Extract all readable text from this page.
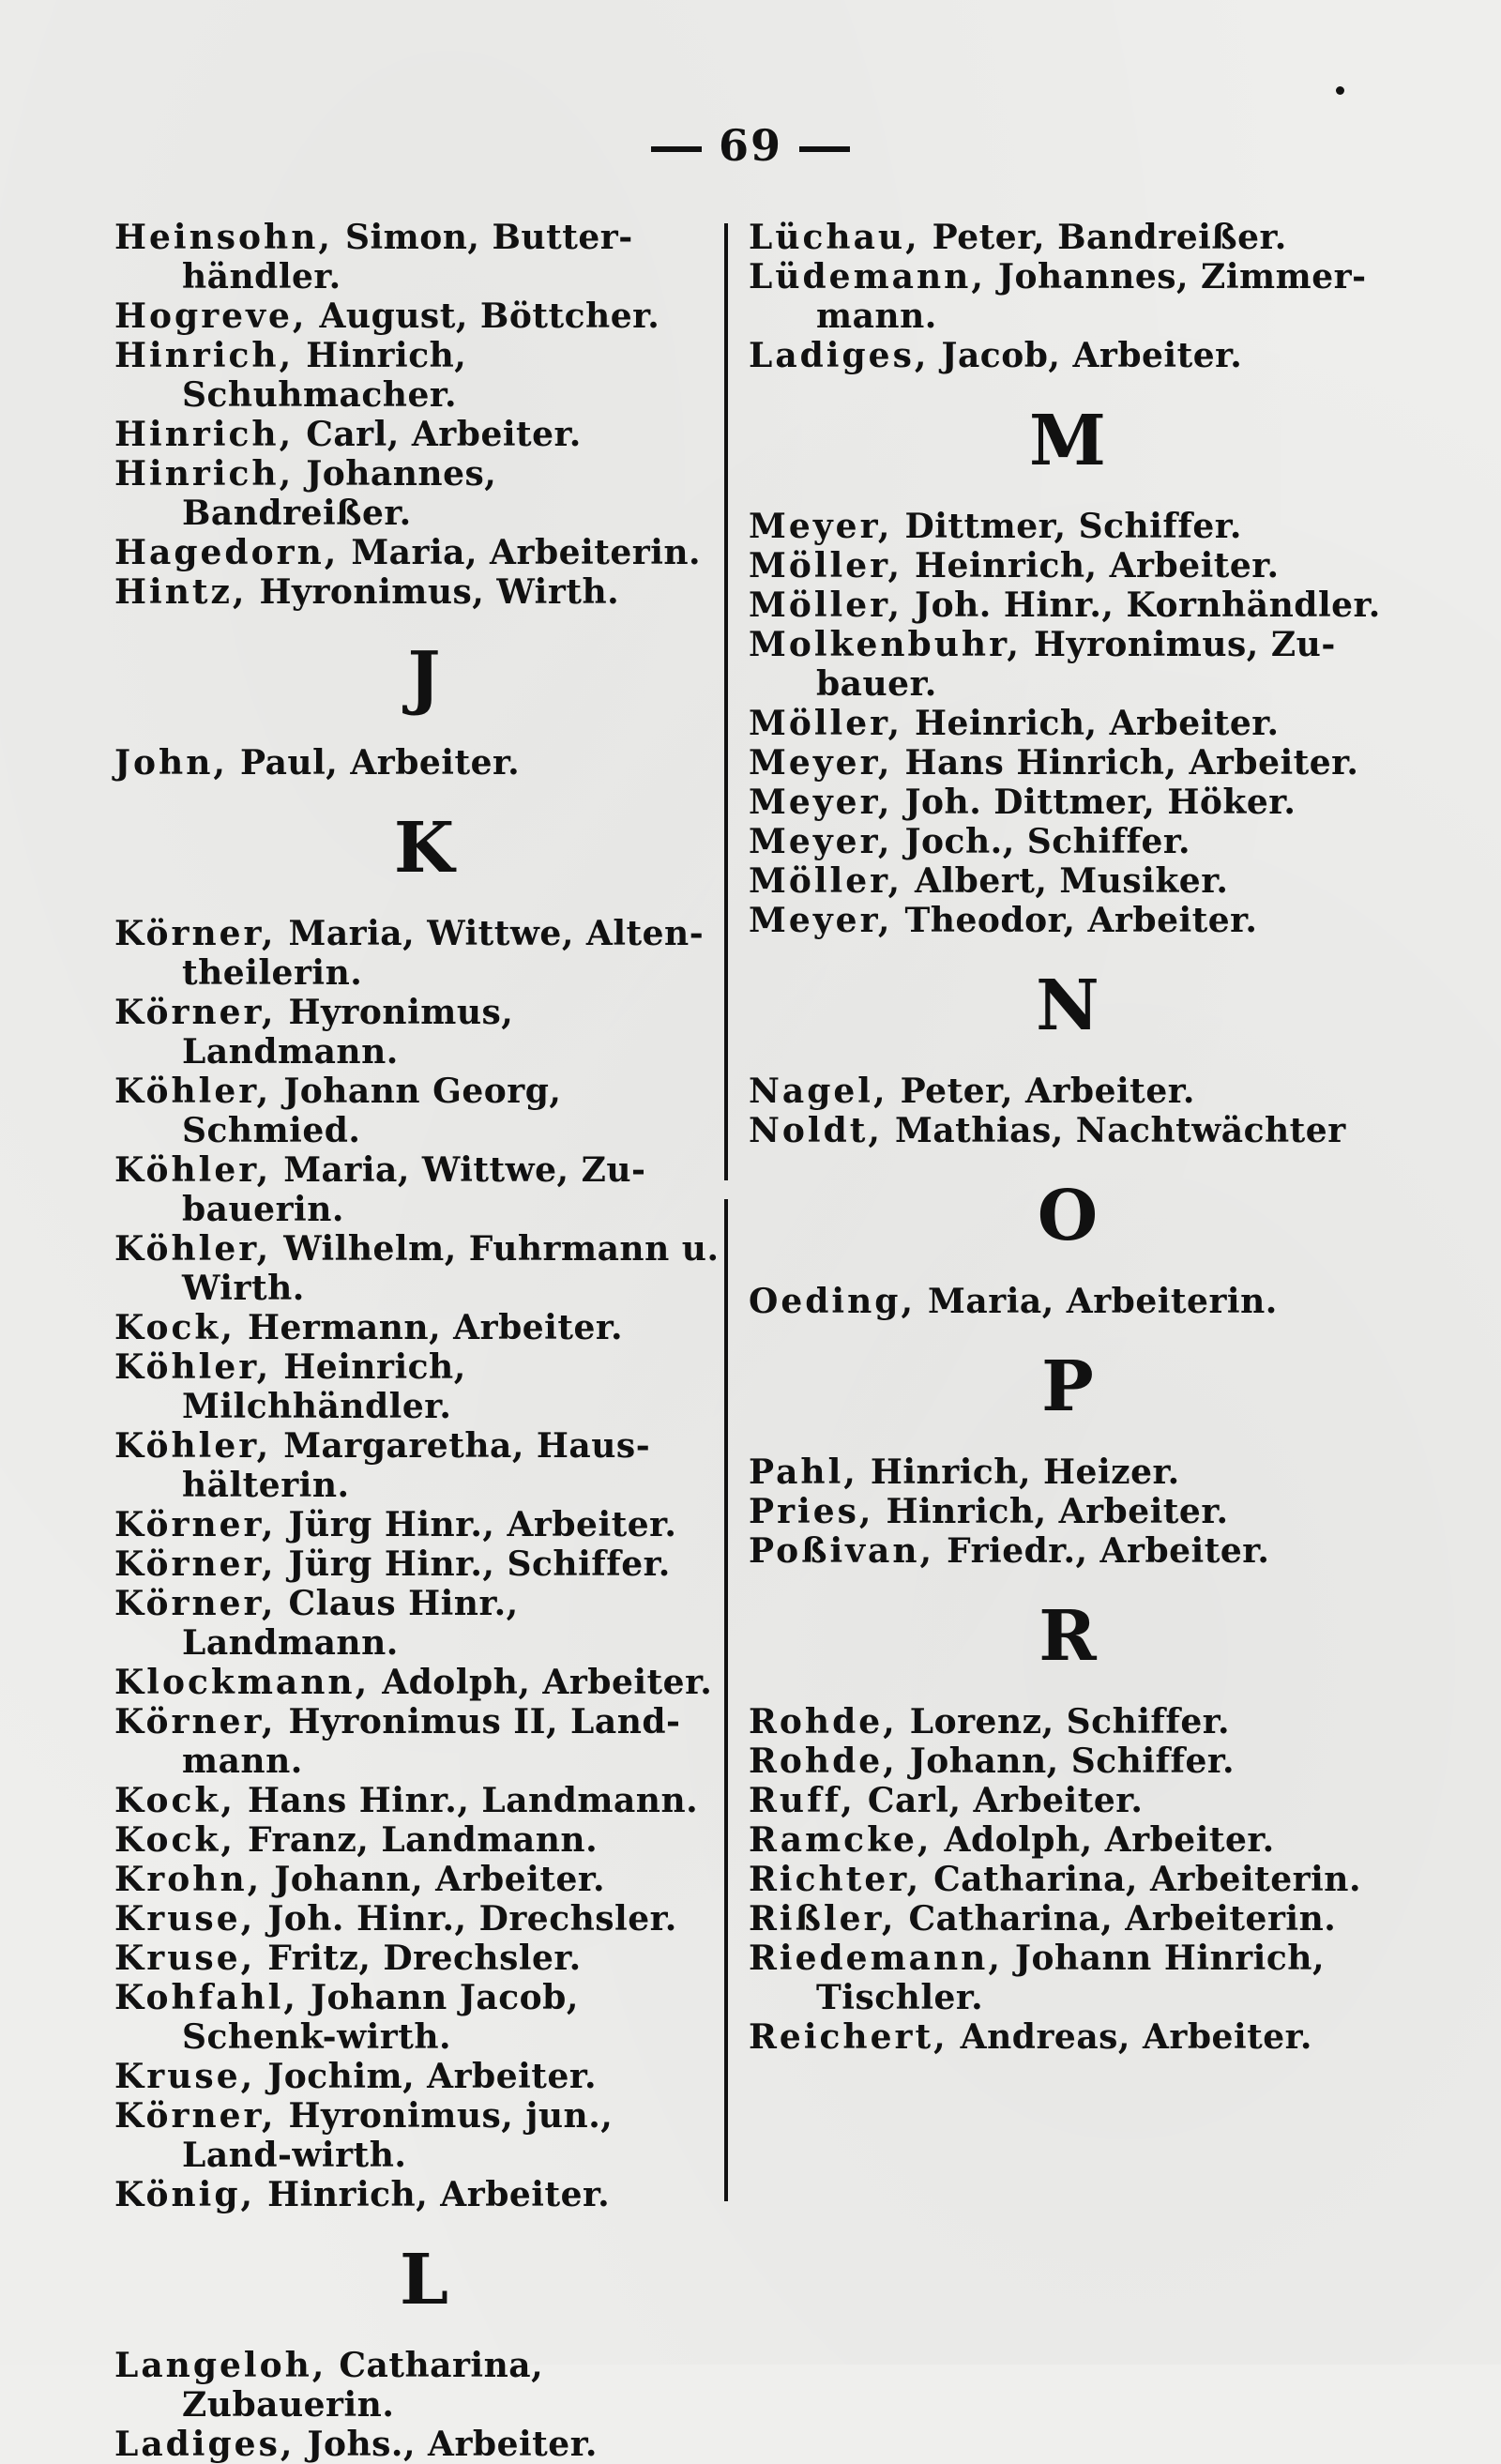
69
Heinsohn, Simon, Butter-händler.
Hogreve, August, Böttcher.
Hinrich, Hinrich, Schuhmacher.
Hinrich, Carl, Arbeiter.
Hinrich, Johannes, Bandreißer.
Hagedorn, Maria, Arbeiterin.
Hintz, Hyronimus, Wirth.
J
John, Paul, Arbeiter.
K
Körner, Maria, Wittwe, Alten-theilerin.
Körner, Hyronimus, Landmann.
Köhler, Johann Georg, Schmied.
Köhler, Maria, Wittwe, Zu-bauerin.
Köhler, Wilhelm, Fuhrmann u. Wirth.
Kock, Hermann, Arbeiter.
Köhler, Heinrich, Milchhändler.
Köhler, Margaretha, Haus-hälterin.
Körner, Jürg Hinr., Arbeiter.
Körner, Jürg Hinr., Schiffer.
Körner, Claus Hinr., Landmann.
Klockmann, Adolph, Arbeiter.
Körner, Hyronimus II, Land-mann.
Kock, Hans Hinr., Landmann.
Kock, Franz, Landmann.
Krohn, Johann, Arbeiter.
Kruse, Joh. Hinr., Drechsler.
Kruse, Fritz, Drechsler.
Kohfahl, Johann Jacob, Schenk-wirth.
Kruse, Jochim, Arbeiter.
Körner, Hyronimus, jun., Land-wirth.
König, Hinrich, Arbeiter.
L
Langeloh, Catharina, Zubauerin.
Ladiges, Johs., Arbeiter.
Lüchau, Peter, Bandreißer.
Lüdemann, Johannes, Zimmer-mann.
Ladiges, Jacob, Arbeiter.
M
Meyer, Dittmer, Schiffer.
Möller, Heinrich, Arbeiter.
Möller, Joh. Hinr., Kornhändler.
Molkenbuhr, Hyronimus, Zu-bauer.
Möller, Heinrich, Arbeiter.
Meyer, Hans Hinrich, Arbeiter.
Meyer, Joh. Dittmer, Höker.
Meyer, Joch., Schiffer.
Möller, Albert, Musiker.
Meyer, Theodor, Arbeiter.
N
Nagel, Peter, Arbeiter.
Noldt, Mathias, Nachtwächter
O
Oeding, Maria, Arbeiterin.
P
Pahl, Hinrich, Heizer.
Pries, Hinrich, Arbeiter.
Poßivan, Friedr., Arbeiter.
R
Rohde, Lorenz, Schiffer.
Rohde, Johann, Schiffer.
Ruff, Carl, Arbeiter.
Ramcke, Adolph, Arbeiter.
Richter, Catharina, Arbeiterin.
Rißler, Catharina, Arbeiterin.
Riedemann, Johann Hinrich, Tischler.
Reichert, Andreas, Arbeiter.
